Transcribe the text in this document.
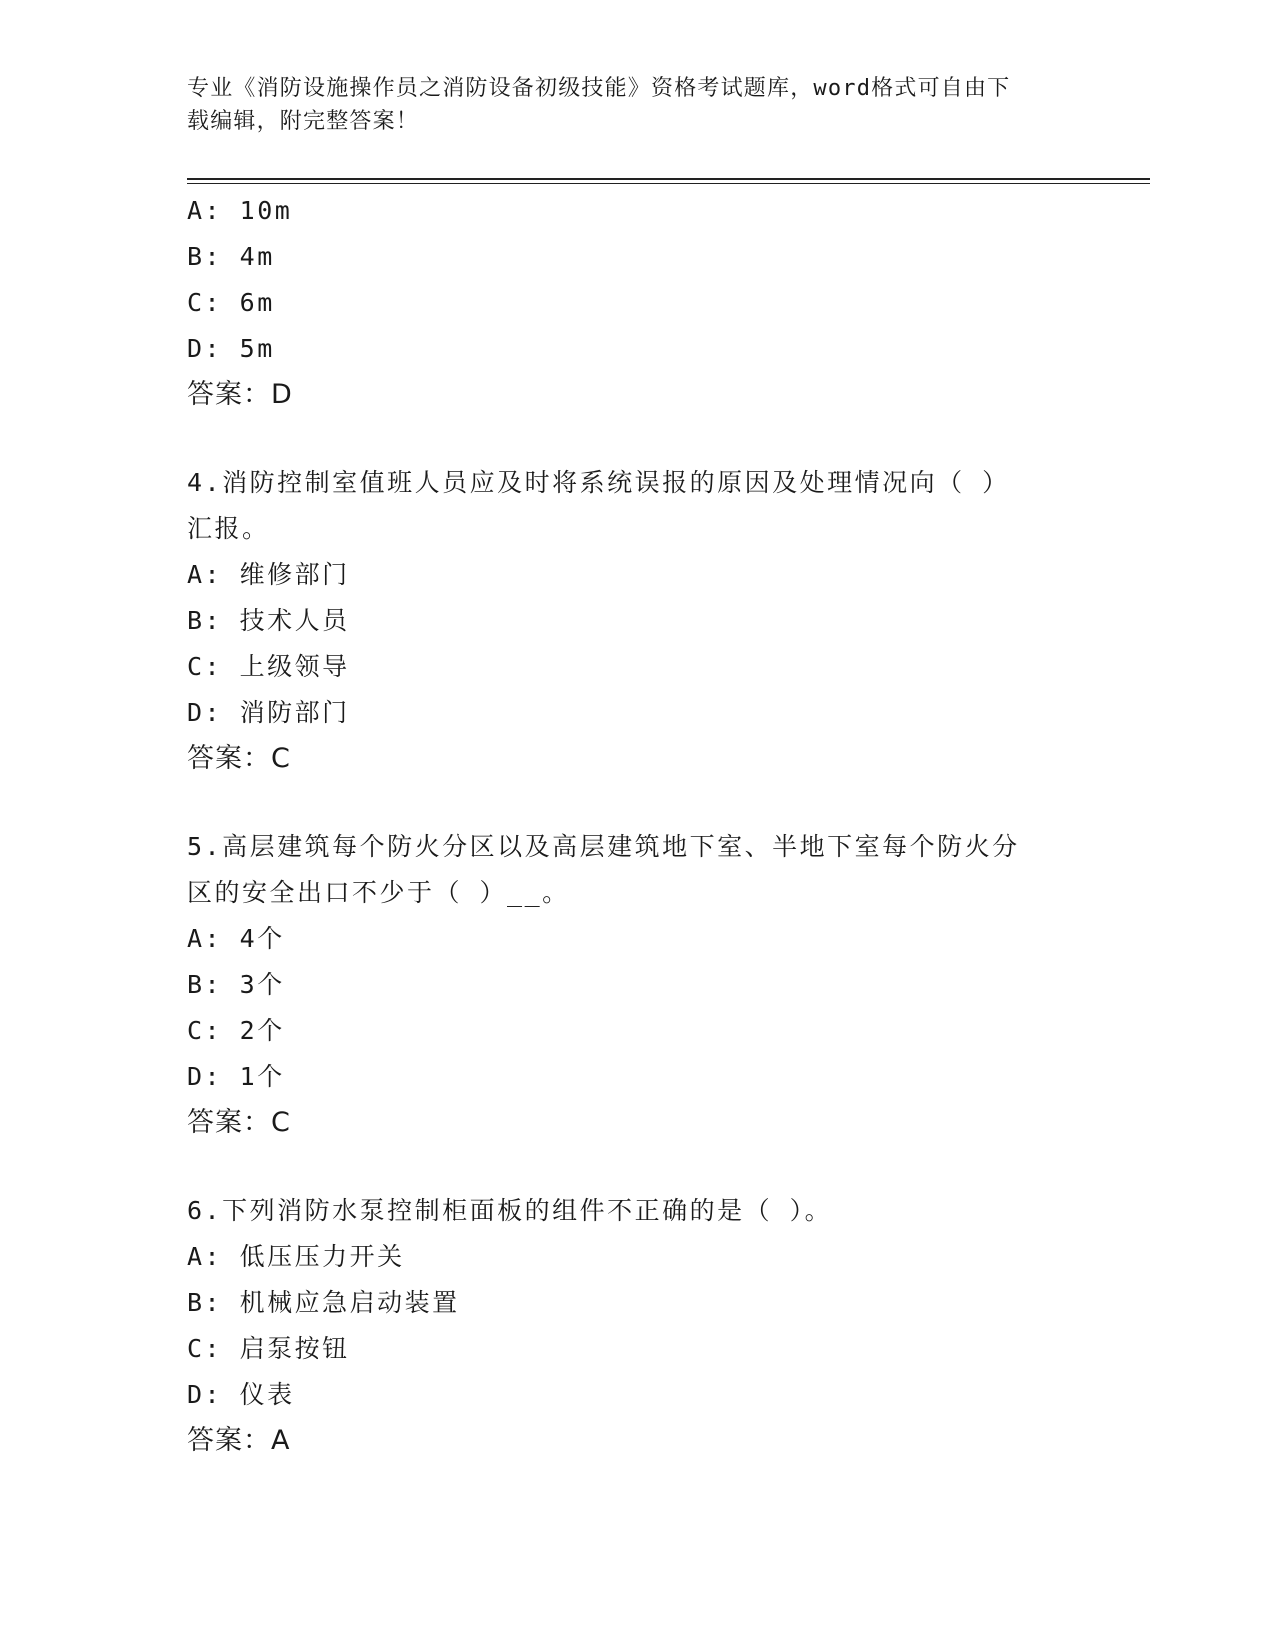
专业《消防设施操作员之消防设备初级技能》资格考试题库，word格式可自由下
载编辑，附完整答案！
A: 10m
B: 4m
C: 6m
D: 5m
答案：D
4.消防控制室值班人员应及时将系统误报的原因及处理情况向（ ）
汇报。
A: 维修部门
B: 技术人员
C: 上级领导
D: 消防部门
答案：C
5.高层建筑每个防火分区以及高层建筑地下室、半地下室每个防火分
区的安全出口不少于（ ）__。
A: 4个
B: 3个
C: 2个
D: 1个
答案：C
6.下列消防水泵控制柜面板的组件不正确的是（ ）。
A: 低压压力开关
B: 机械应急启动装置
C: 启泵按钮
D: 仪表
答案：A
